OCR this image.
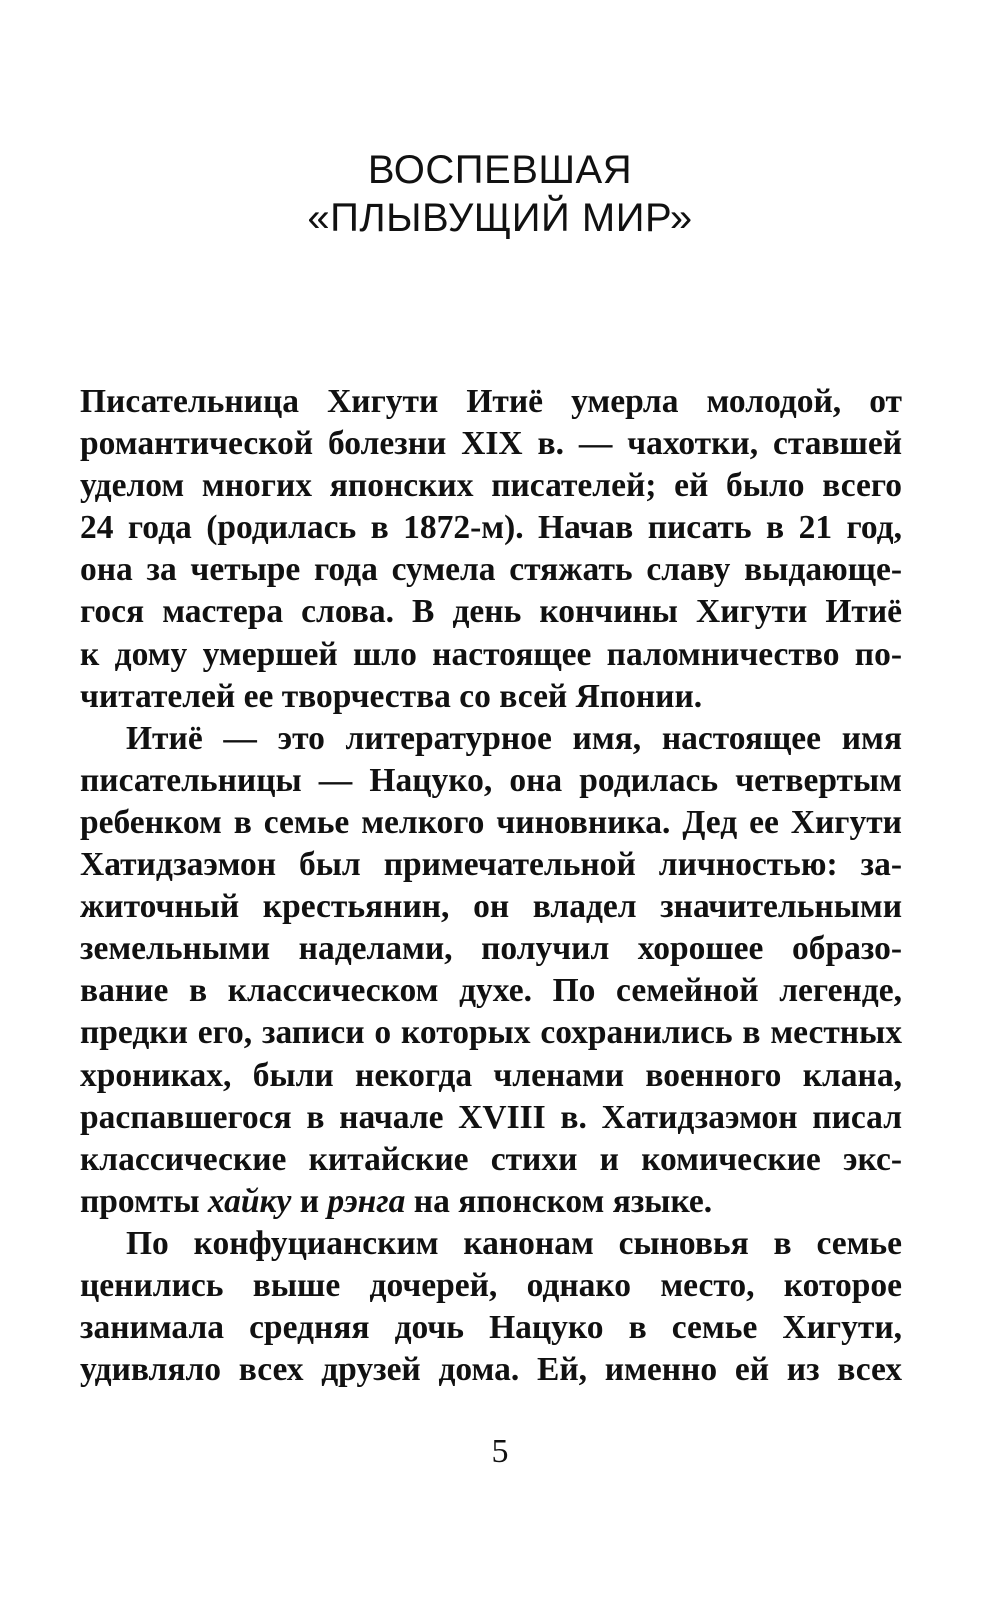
ВОСПЕВШАЯ
«ПЛЫВУЩИЙ МИР»
Писательница Хигути Итиё умерла молодой, от
романтической болезни XIX в. — чахотки, ставшей
уделом многих японских писателей; ей было всего
24 года (родилась в 1872-м). Начав писать в 21 год,
она за четыре года сумела стяжать славу выдающе-
гося мастера слова. В день кончины Хигути Итиё
к дому умершей шло настоящее паломничество по-
читателей ее творчества со всей Японии.
Итиё — это литературное имя, настоящее имя
писательницы — Нацуко, она родилась четвертым
ребенком в семье мелкого чиновника. Дед ее Хигути
Хатидзаэмон был примечательной личностью: за-
житочный крестьянин, он владел значительными
земельными наделами, получил хорошее образо-
вание в классическом духе. По семейной легенде,
предки его, записи о которых сохранились в местных
хрониках, были некогда членами военного клана,
распавшегося в начале XVIII в. Хатидзаэмон писал
классические китайские стихи и комические экс-
промты хайку и рэнга на японском языке.
По конфуцианским канонам сыновья в семье
ценились выше дочерей, однако место, которое
занимала средняя дочь Нацуко в семье Хигути,
удивляло всех друзей дома. Ей, именно ей из всех
5
